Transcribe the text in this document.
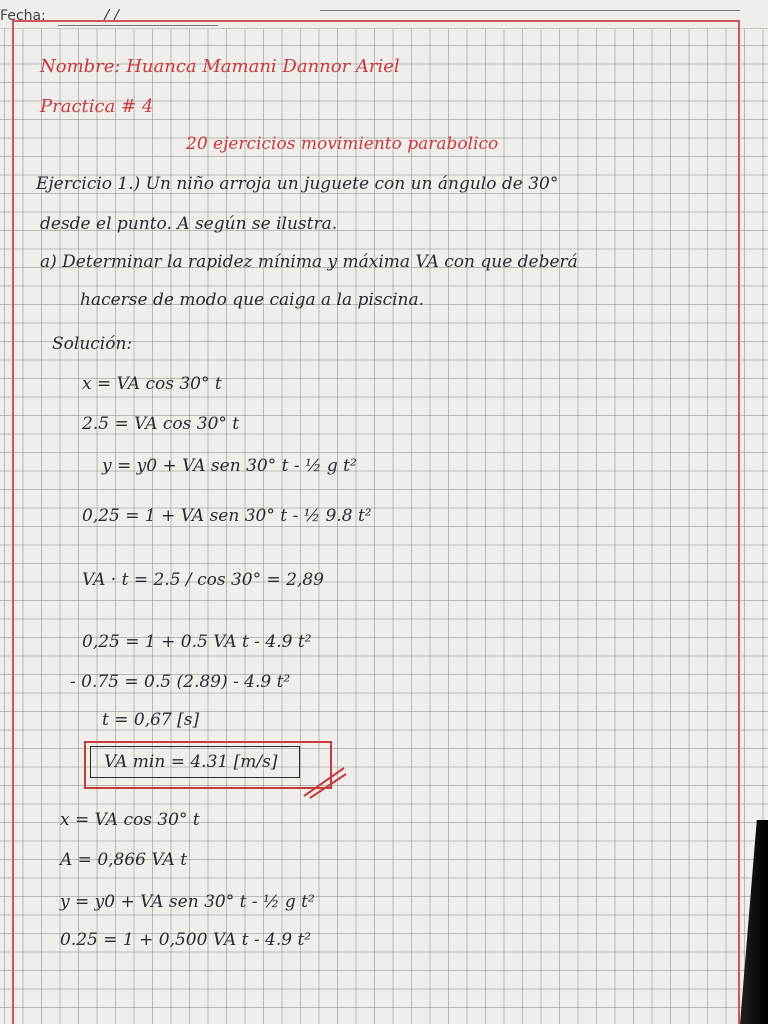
Fecha:	/ /
Nombre: Huanca Mamani Dannor Ariel
Practica # 4
20 ejercicios movimiento parabolico
Ejercicio 1.) Un niño arroja un juguete con un ángulo de 30°
desde el punto. A según se ilustra.
a) Determinar la rapidez mínima y máxima VA con que deberá
hacerse de modo que caiga a la piscina.
Solución:
x = VA cos 30° t
2.5 = VA cos 30° t
y = y0 + VA sen 30° t - ½ g t²
0,25 = 1 + VA sen 30° t - ½ 9.8 t²
VA · t = 2.5 / cos 30° = 2,89
0,25 = 1 + 0.5 VA t - 4.9 t²
- 0.75 = 0.5 (2.89) - 4.9 t²
t = 0,67 [s]
VA min = 4.31 [m/s]
x = VA cos 30° t
A = 0,866 VA t
y = y0 + VA sen 30° t - ½ g t²
0.25 = 1 + 0,500 VA t - 4.9 t²
